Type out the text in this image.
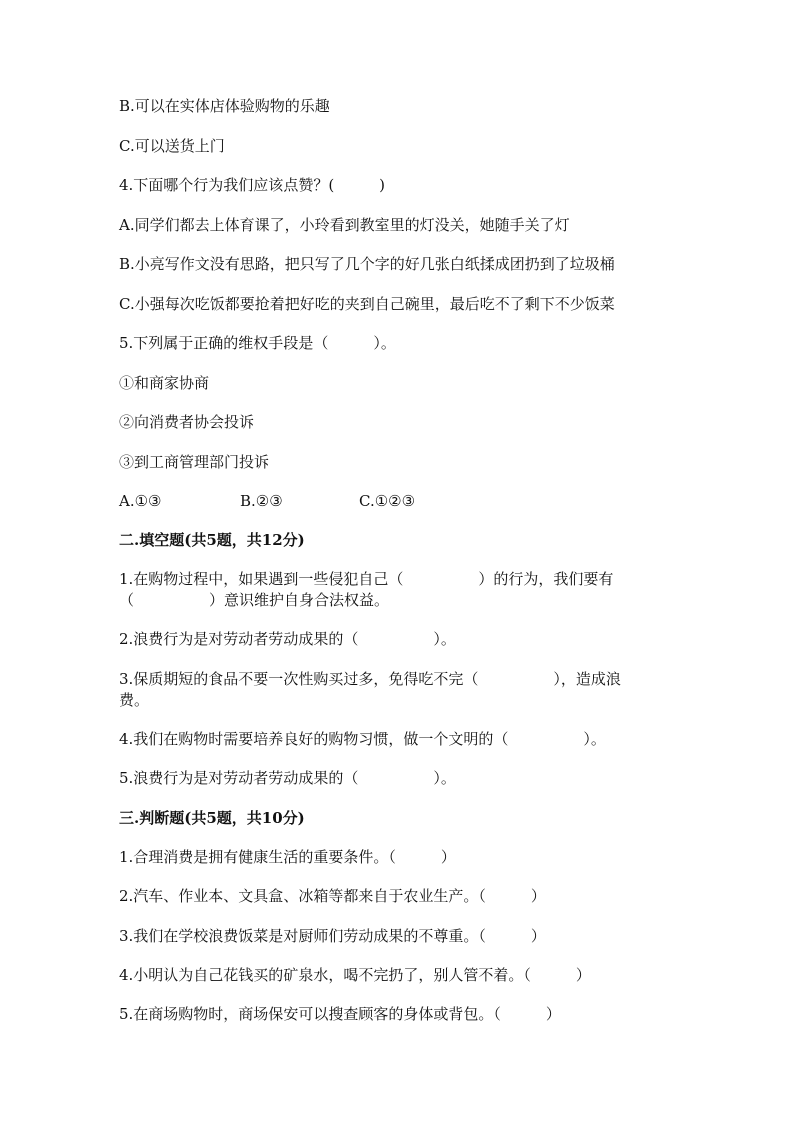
B.可以在实体店体验购物的乐趣
C.可以送货上门
4.下面哪个行为我们应该点赞？(　　　)
A.同学们都去上体育课了，小玲看到教室里的灯没关，她随手关了灯
B.小亮写作文没有思路，把只写了几个字的好几张白纸揉成团扔到了垃圾桶
C.小强每次吃饭都要抢着把好吃的夹到自己碗里，最后吃不了剩下不少饭菜
5.下列属于正确的维权手段是（　　　）。
①和商家协商
②向消费者协会投诉
③到工商管理部门投诉
A.①③	B.②③	C.①②③
二.填空题(共5题，共12分)
1.在购物过程中，如果遇到一些侵犯自己（　　　　　）的行为，我们要有
（　　　　　）意识维护自身合法权益。
2.浪费行为是对劳动者劳动成果的（　　　　　）。
3.保质期短的食品不要一次性购买过多，免得吃不完（　　　　　），造成浪
费。
4.我们在购物时需要培养良好的购物习惯，做一个文明的（　　　　　）。
5.浪费行为是对劳动者劳动成果的（　　　　　）。
三.判断题(共5题，共10分)
1.合理消费是拥有健康生活的重要条件。（　　　）
2.汽车、作业本、文具盒、冰箱等都来自于农业生产。（　　　）
3.我们在学校浪费饭菜是对厨师们劳动成果的不尊重。（　　　）
4.小明认为自己花钱买的矿泉水，喝不完扔了，别人管不着。（　　　）
5.在商场购物时，商场保安可以搜查顾客的身体或背包。（　　　）
